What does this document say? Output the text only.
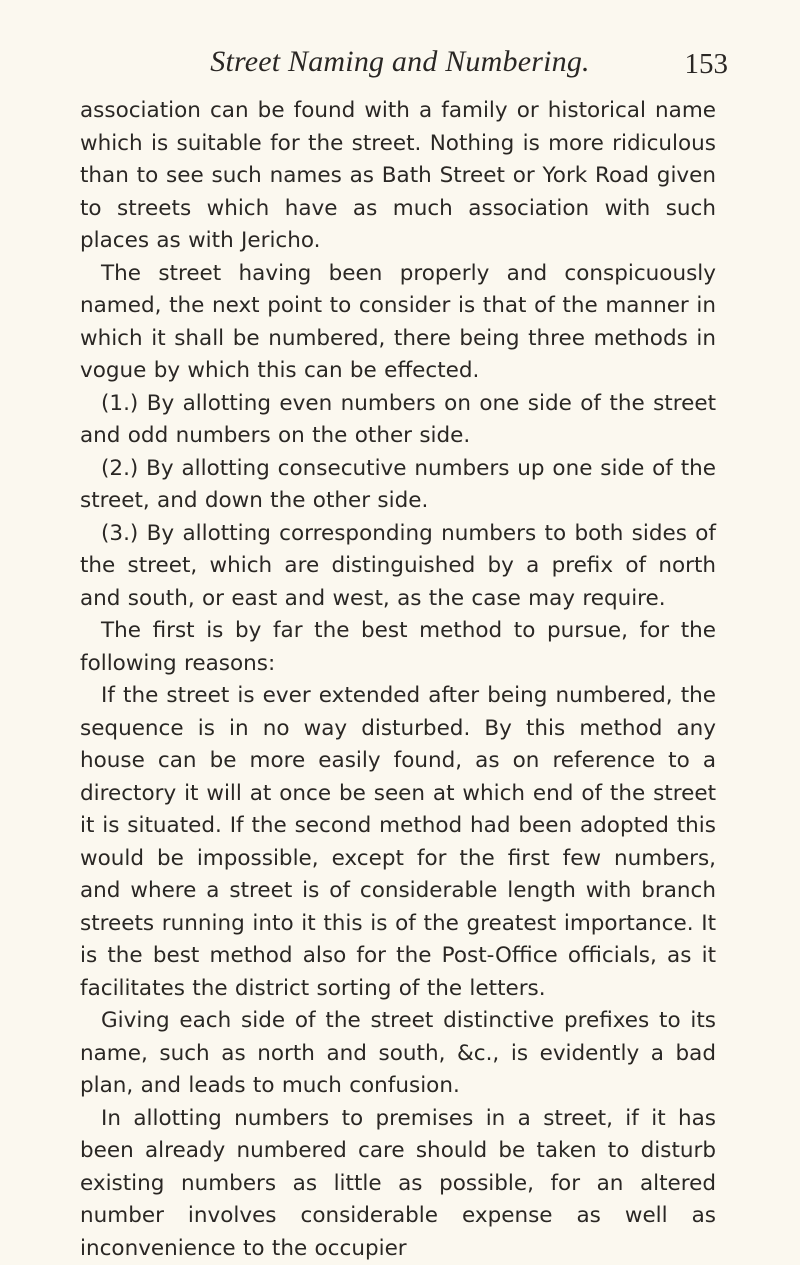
Street Naming and Numbering.	153

association can be found with a family or historical name which is suitable for the street. Nothing is more ridiculous than to see such names as Bath Street or York Road given to streets which have as much association with such places as with Jericho.

The street having been properly and conspicuously named, the next point to consider is that of the manner in which it shall be numbered, there being three methods in vogue by which this can be effected.

(1.) By allotting even numbers on one side of the street and odd numbers on the other side.

(2.) By allotting consecutive numbers up one side of the street, and down the other side.

(3.) By allotting corresponding numbers to both sides of the street, which are distinguished by a prefix of north and south, or east and west, as the case may require.

The first is by far the best method to pursue, for the following reasons:

If the street is ever extended after being numbered, the sequence is in no way disturbed. By this method any house can be more easily found, as on reference to a directory it will at once be seen at which end of the street it is situated. If the second method had been adopted this would be impossible, except for the first few numbers, and where a street is of considerable length with branch streets running into it this is of the greatest importance. It is the best method also for the Post-Office officials, as it facilitates the district sorting of the letters.

Giving each side of the street distinctive prefixes to its name, such as north and south, &c., is evidently a bad plan, and leads to much confusion.

In allotting numbers to premises in a street, if it has been already numbered care should be taken to disturb existing numbers as little as possible, for an altered number involves considerable expense as well as inconvenience to the occupier
